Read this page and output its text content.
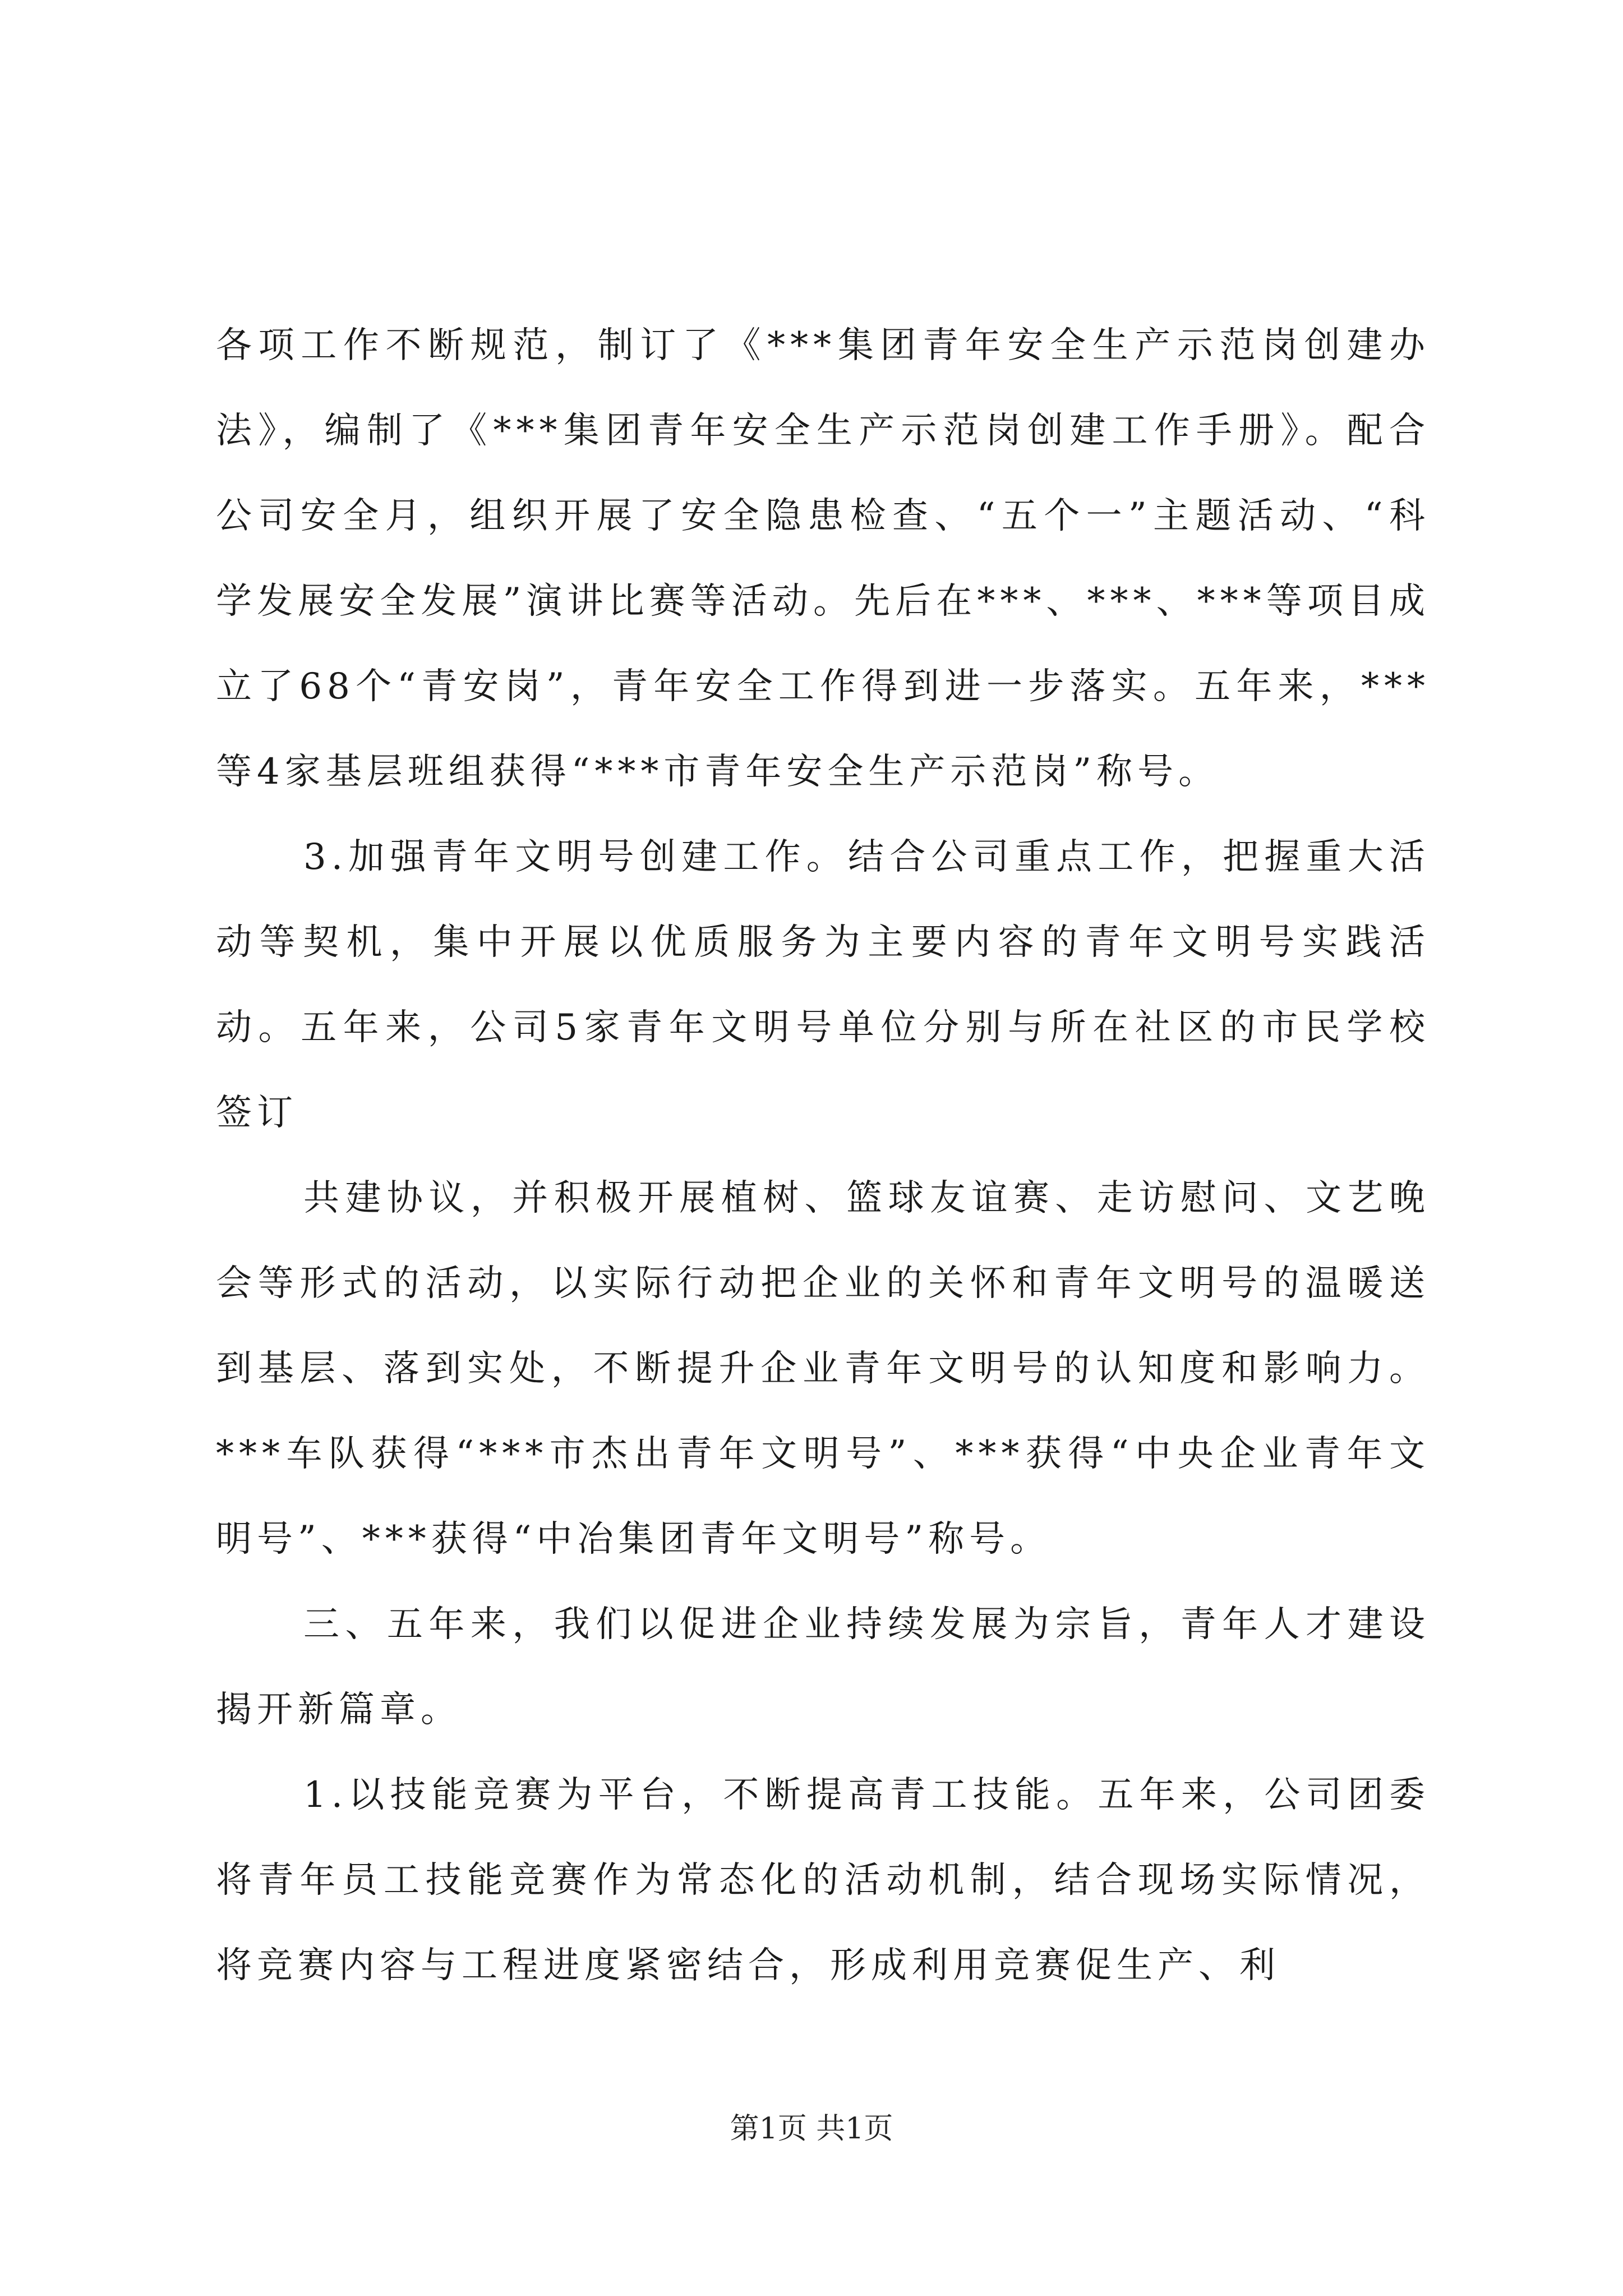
各项工作不断规范，制订了《***集团青年安全生产示范岗创建办法》，编制了《***集团青年安全生产示范岗创建工作手册》。配合公司安全月，组织开展了安全隐患检查、“五个一”主题活动、“科学发展安全发展”演讲比赛等活动。先后在***、***、***等项目成立了68个“青安岗”，青年安全工作得到进一步落实。五年来，***等4家基层班组获得“***市青年安全生产示范岗”称号。

3.加强青年文明号创建工作。结合公司重点工作，把握重大活动等契机，集中开展以优质服务为主要内容的青年文明号实践活动。五年来，公司5家青年文明号单位分别与所在社区的市民学校签订

共建协议，并积极开展植树、篮球友谊赛、走访慰问、文艺晚会等形式的活动，以实际行动把企业的关怀和青年文明号的温暖送到基层、落到实处，不断提升企业青年文明号的认知度和影响力。***车队获得“***市杰出青年文明号”、***获得“中央企业青年文明号”、***获得“中冶集团青年文明号”称号。

三、五年来，我们以促进企业持续发展为宗旨，青年人才建设揭开新篇章。

1.以技能竞赛为平台，不断提高青工技能。五年来，公司团委将青年员工技能竞赛作为常态化的活动机制，结合现场实际情况，将竞赛内容与工程进度紧密结合，形成利用竞赛促生产、利

第1页 共1页
